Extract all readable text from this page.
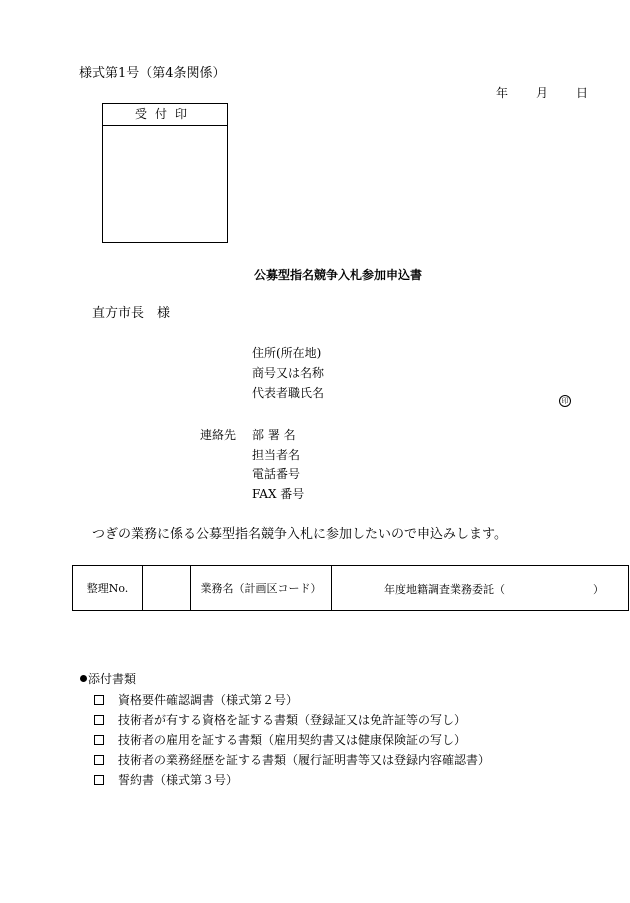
様式第1号（第4条関係）
年 月 日
受付印
公募型指名競争入札参加申込書
直方市長　様
住所(所在地)
商号又は名称
代表者職氏名
印
連絡先 部 署 名
担当者名
電話番号
FAX 番号
つぎの業務に係る公募型指名競争入札に参加したいので申込みします。
整理No.		業務名（計画区コード）	年度地籍調査業務委託（	）
添付書類
資格要件確認調書（様式第２号）
技術者が有する資格を証する書類（登録証又は免許証等の写し）
技術者の雇用を証する書類（雇用契約書又は健康保険証の写し）
技術者の業務経歴を証する書類（履行証明書等又は登録内容確認書）
誓約書（様式第３号）
